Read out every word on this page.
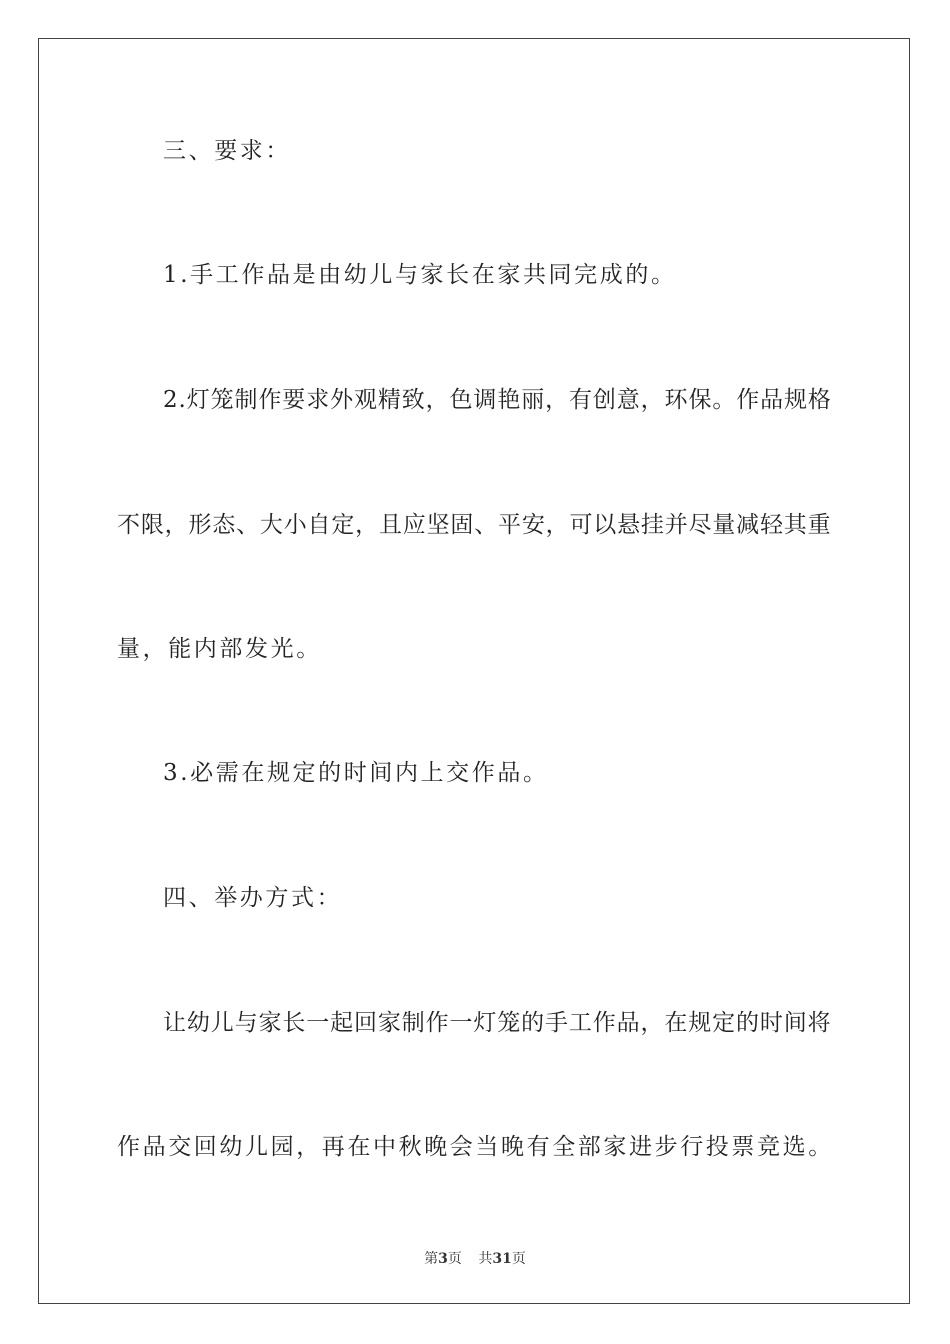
三、要求：
1.手工作品是由幼儿与家长在家共同完成的。
2 . 灯 笼 制 作 要 求 外 观 精 致 ， 色 调 艳 丽 ， 有 创 意 ， 环 保 。 作 品 规 格
不 限 ， 形 态 、 大 小 自 定 ， 且 应 坚 固 、 平 安 ， 可 以 悬 挂 并 尽 量 减 轻 其 重
量，能内部发光。
3.必需在规定的时间内上交作品。
四、举办方式：
让 幼 儿 与 家 长 一 起 回 家 制 作 一 灯 笼 的 手 工 作 品 ， 在 规 定 的 时 间 将
作品交回幼儿园，再在中秋晚会当晚有全部家进步行投票竞选。
第3页 共31页
